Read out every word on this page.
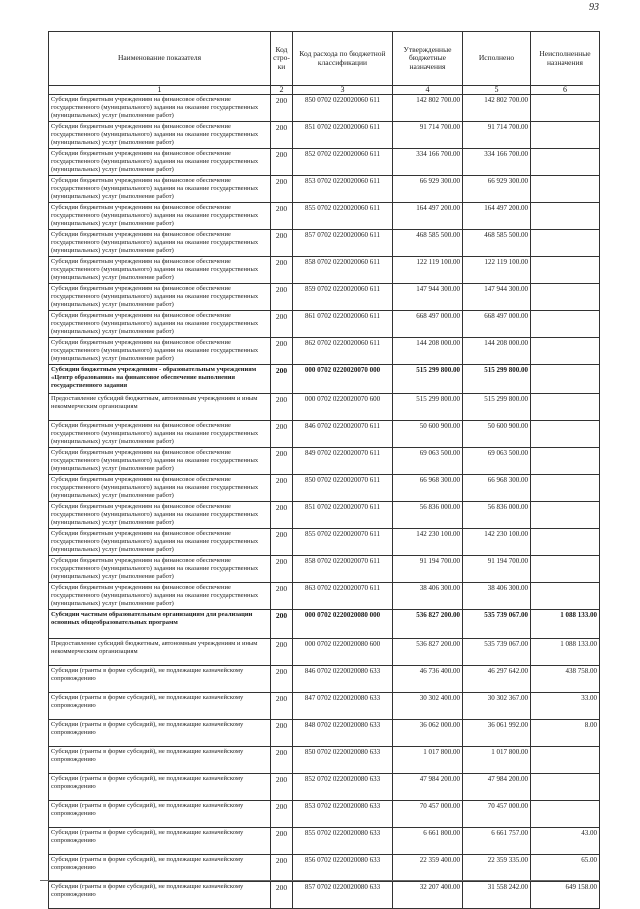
93
Наименование показателя	Код стро-ки	Код расхода по бюджетной классификации	Утвержденные бюджетные назначения	Исполнено	Неисполненные назначения
1	2	3	4	5	6
Субсидии бюджетным учреждениям на финансовое обеспечение государственного (муниципального) задания на оказание государственных (муниципальных) услуг (выполнение работ)	200	850 0702 0220020060 611	142 802 700.00	142 802 700.00	
Субсидии бюджетным учреждениям на финансовое обеспечение государственного (муниципального) задания на оказание государственных (муниципальных) услуг (выполнение работ)	200	851 0702 0220020060 611	91 714 700.00	91 714 700.00	
Субсидии бюджетным учреждениям на финансовое обеспечение государственного (муниципального) задания на оказание государственных (муниципальных) услуг (выполнение работ)	200	852 0702 0220020060 611	334 166 700.00	334 166 700.00	
Субсидии бюджетным учреждениям на финансовое обеспечение государственного (муниципального) задания на оказание государственных (муниципальных) услуг (выполнение работ)	200	853 0702 0220020060 611	66 929 300.00	66 929 300.00	
Субсидии бюджетным учреждениям на финансовое обеспечение государственного (муниципального) задания на оказание государственных (муниципальных) услуг (выполнение работ)	200	855 0702 0220020060 611	164 497 200.00	164 497 200.00	
Субсидии бюджетным учреждениям на финансовое обеспечение государственного (муниципального) задания на оказание государственных (муниципальных) услуг (выполнение работ)	200	857 0702 0220020060 611	468 585 500.00	468 585 500.00	
Субсидии бюджетным учреждениям на финансовое обеспечение государственного (муниципального) задания на оказание государственных (муниципальных) услуг (выполнение работ)	200	858 0702 0220020060 611	122 119 100.00	122 119 100.00	
Субсидии бюджетным учреждениям на финансовое обеспечение государственного (муниципального) задания на оказание государственных (муниципальных) услуг (выполнение работ)	200	859 0702 0220020060 611	147 944 300.00	147 944 300.00	
Субсидии бюджетным учреждениям на финансовое обеспечение государственного (муниципального) задания на оказание государственных (муниципальных) услуг (выполнение работ)	200	861 0702 0220020060 611	668 497 000.00	668 497 000.00	
Субсидии бюджетным учреждениям на финансовое обеспечение государственного (муниципального) задания на оказание государственных (муниципальных) услуг (выполнение работ)	200	862 0702 0220020060 611	144 208 000.00	144 208 000.00	
Субсидии бюджетным учреждениям - образовательным учреждениям «Центр образования» на финансовое обеспечение выполнения государственного задания	200	000 0702 0220020070 000	515 299 800.00	515 299 800.00	
Предоставление субсидий бюджетным, автономным учреждениям и иным некоммерческим организациям	200	000 0702 0220020070 600	515 299 800.00	515 299 800.00	
Субсидии бюджетным учреждениям на финансовое обеспечение государственного (муниципального) задания на оказание государственных (муниципальных) услуг (выполнение работ)	200	846 0702 0220020070 611	50 600 900.00	50 600 900.00	
Субсидии бюджетным учреждениям на финансовое обеспечение государственного (муниципального) задания на оказание государственных (муниципальных) услуг (выполнение работ)	200	849 0702 0220020070 611	69 063 500.00	69 063 500.00	
Субсидии бюджетным учреждениям на финансовое обеспечение государственного (муниципального) задания на оказание государственных (муниципальных) услуг (выполнение работ)	200	850 0702 0220020070 611	66 968 300.00	66 968 300.00	
Субсидии бюджетным учреждениям на финансовое обеспечение государственного (муниципального) задания на оказание государственных (муниципальных) услуг (выполнение работ)	200	851 0702 0220020070 611	56 836 000.00	56 836 000.00	
Субсидии бюджетным учреждениям на финансовое обеспечение государственного (муниципального) задания на оказание государственных (муниципальных) услуг (выполнение работ)	200	855 0702 0220020070 611	142 230 100.00	142 230 100.00	
Субсидии бюджетным учреждениям на финансовое обеспечение государственного (муниципального) задания на оказание государственных (муниципальных) услуг (выполнение работ)	200	858 0702 0220020070 611	91 194 700.00	91 194 700.00	
Субсидии бюджетным учреждениям на финансовое обеспечение государственного (муниципального) задания на оказание государственных (муниципальных) услуг (выполнение работ)	200	863 0702 0220020070 611	38 406 300.00	38 406 300.00	
Субсидии частным образовательным организациям для реализации основных общеобразовательных программ	200	000 0702 0220020080 000	536 827 200.00	535 739 067.00	1 088 133.00
Предоставление субсидий бюджетным, автономным учреждениям и иным некоммерческим организациям	200	000 0702 0220020080 600	536 827 200.00	535 739 067.00	1 088 133.00
Субсидии (гранты в форме субсидий), не подлежащие казначейскому сопровождению	200	846 0702 0220020080 633	46 736 400.00	46 297 642.00	438 758.00
Субсидии (гранты в форме субсидий), не подлежащие казначейскому сопровождению	200	847 0702 0220020080 633	30 302 400.00	30 302 367.00	33.00
Субсидии (гранты в форме субсидий), не подлежащие казначейскому сопровождению	200	848 0702 0220020080 633	36 062 000.00	36 061 992.00	8.00
Субсидии (гранты в форме субсидий), не подлежащие казначейскому сопровождению	200	850 0702 0220020080 633	1 017 800.00	1 017 800.00	
Субсидии (гранты в форме субсидий), не подлежащие казначейскому сопровождению	200	852 0702 0220020080 633	47 984 200.00	47 984 200.00	
Субсидии (гранты в форме субсидий), не подлежащие казначейскому сопровождению	200	853 0702 0220020080 633	70 457 000.00	70 457 000.00	
Субсидии (гранты в форме субсидий), не подлежащие казначейскому сопровождению	200	855 0702 0220020080 633	6 661 800.00	6 661 757.00	43.00
Субсидии (гранты в форме субсидий), не подлежащие казначейскому сопровождению	200	856 0702 0220020080 633	22 359 400.00	22 359 335.00	65.00
Субсидии (гранты в форме субсидий), не подлежащие казначейскому сопровождению	200	857 0702 0220020080 633	32 207 400.00	31 558 242.00	649 158.00
